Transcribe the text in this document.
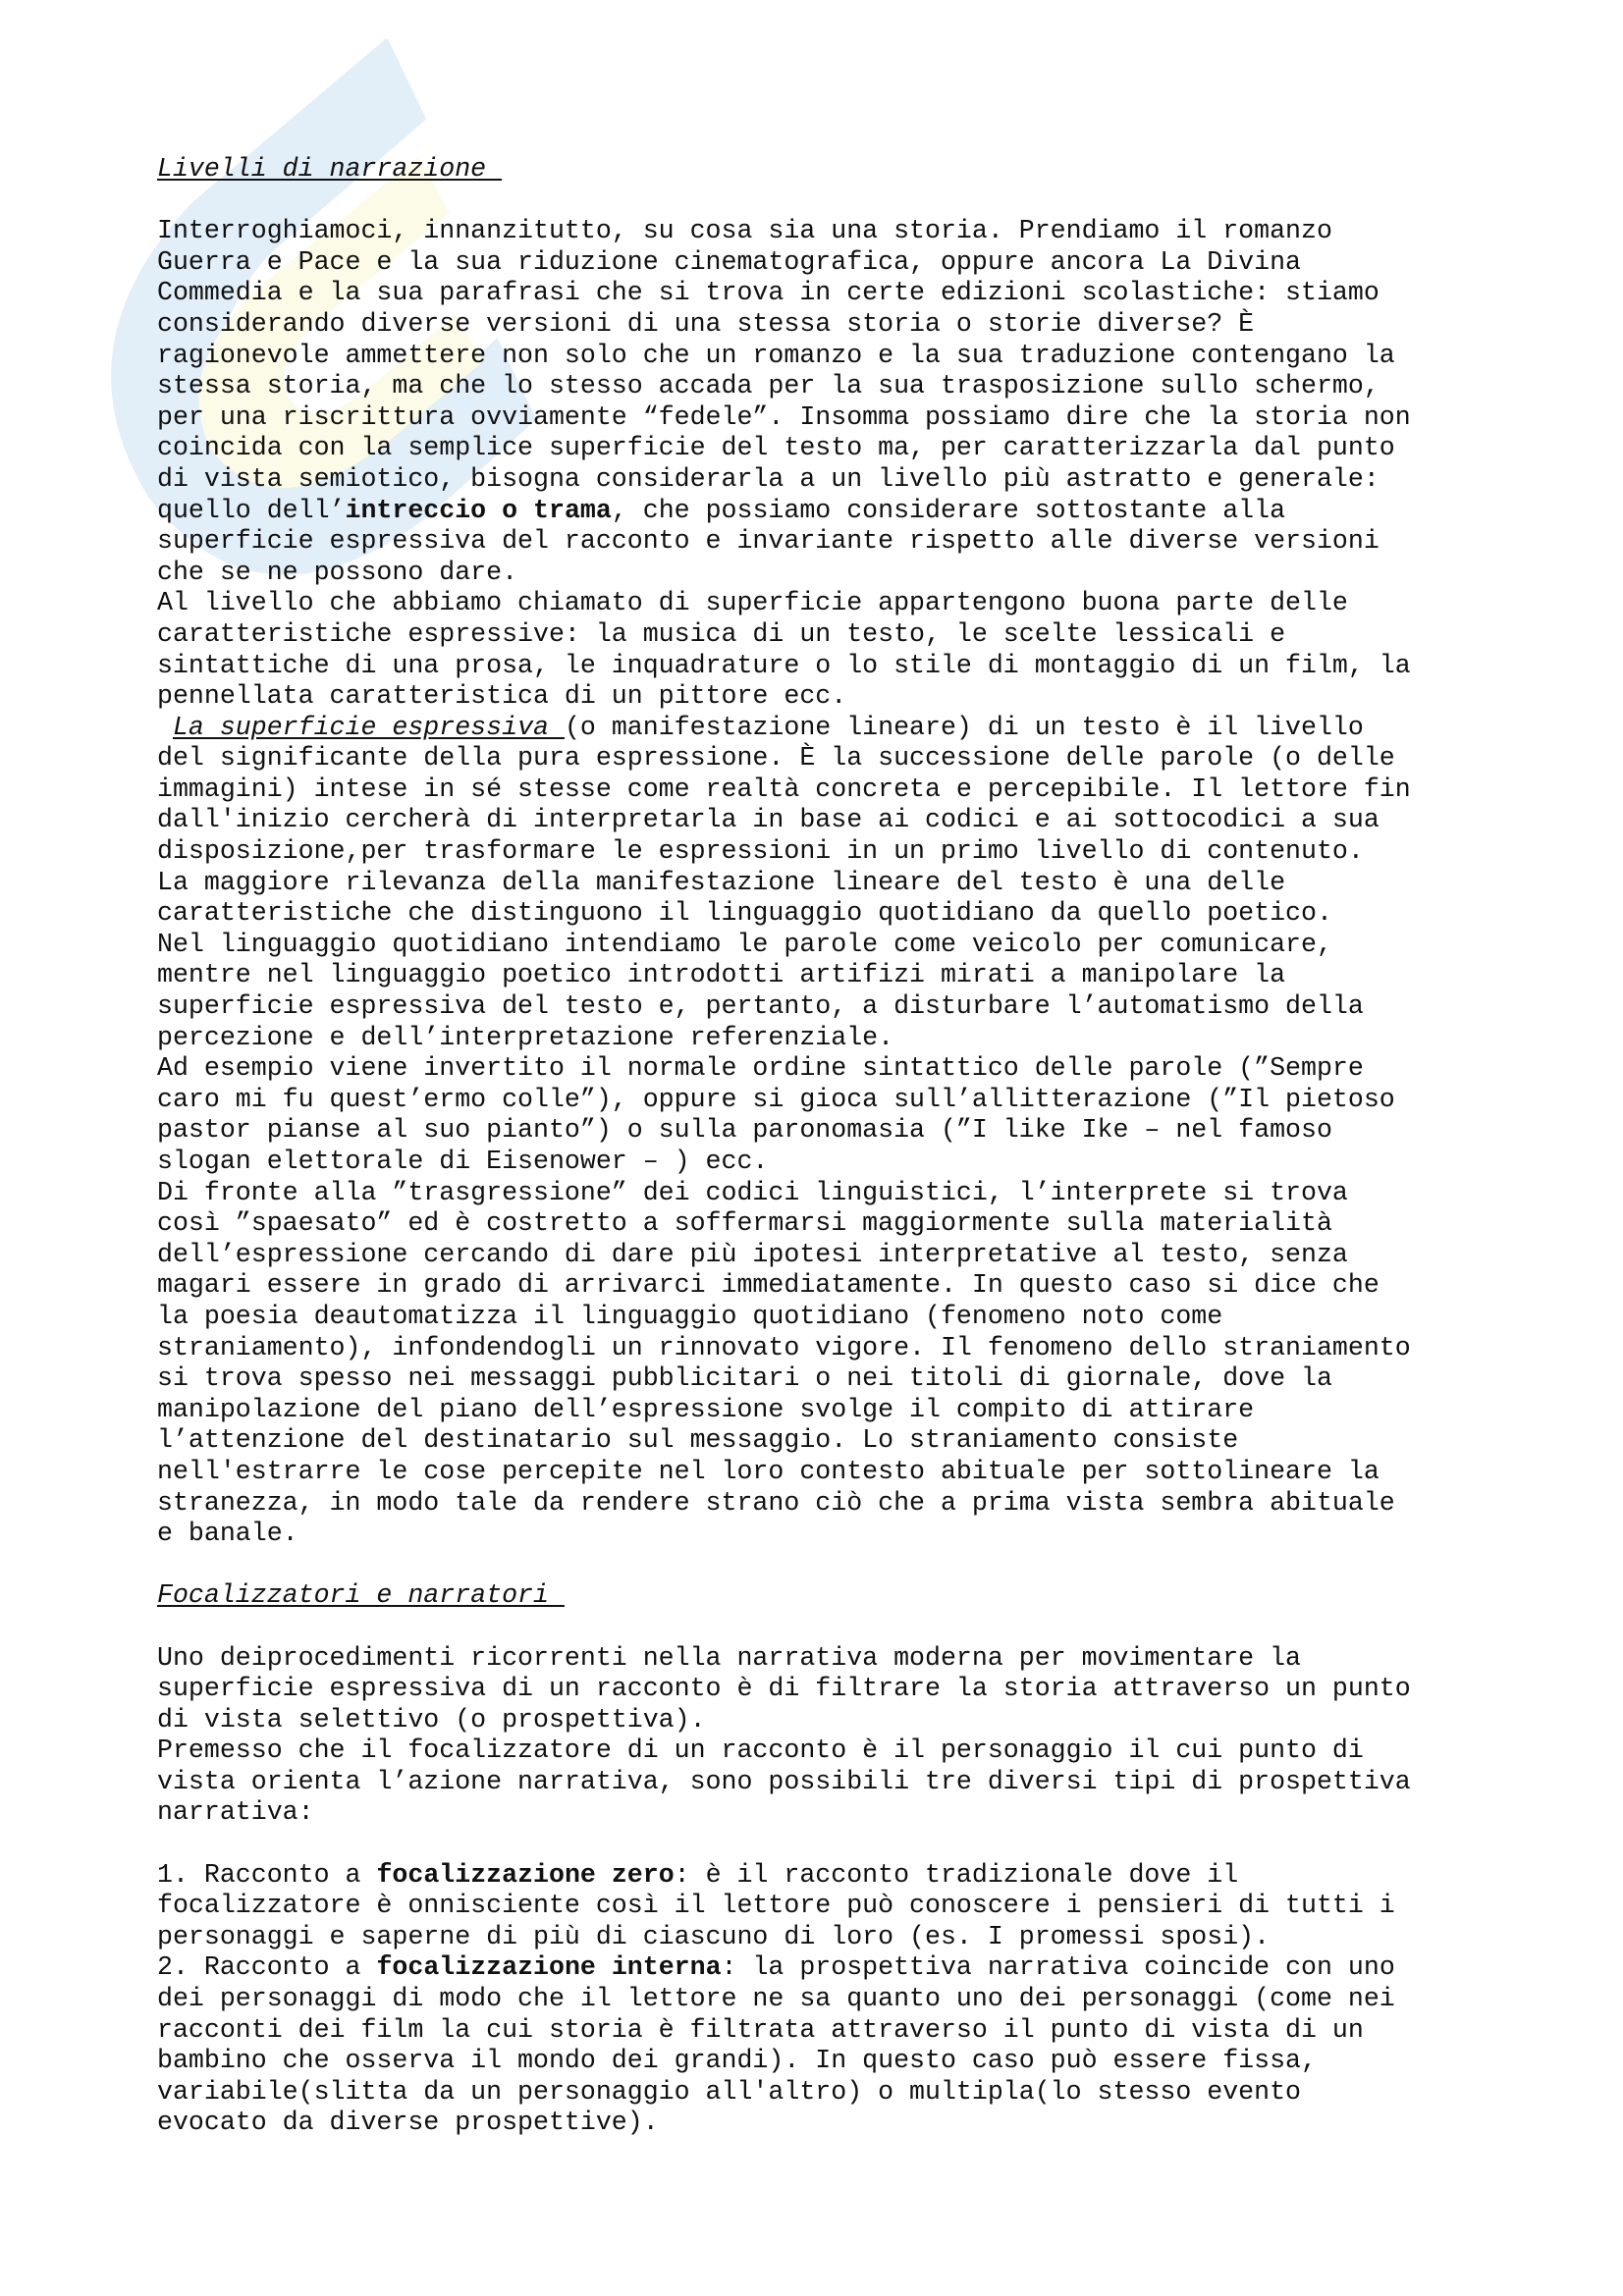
Livelli di narrazione

Interroghiamoci, innanzitutto, su cosa sia una storia. Prendiamo il romanzo

Guerra e Pace e la sua riduzione cinematografica, oppure ancora La Divina

Commedia e la sua parafrasi che si trova in certe edizioni scolastiche: stiamo

considerando diverse versioni di una stessa storia o storie diverse? È

ragionevole ammettere non solo che un romanzo e la sua traduzione contengano la

stessa storia, ma che lo stesso accada per la sua trasposizione sullo schermo,

per una riscrittura ovviamente “fedele”. Insomma possiamo dire che la storia non

coincida con la semplice superficie del testo ma, per caratterizzarla dal punto

di vista semiotico, bisogna considerarla a un livello più astratto e generale:

quello dell’intreccio o trama, che possiamo considerare sottostante alla

superficie espressiva del racconto e invariante rispetto alle diverse versioni

che se ne possono dare.

Al livello che abbiamo chiamato di superficie appartengono buona parte delle

caratteristiche espressive: la musica di un testo, le scelte lessicali e

sintattiche di una prosa, le inquadrature o lo stile di montaggio di un film, la

pennellata caratteristica di un pittore ecc.

La superficie espressiva (o manifestazione lineare) di un testo è il livello

del significante della pura espressione. È la successione delle parole (o delle

immagini) intese in sé stesse come realtà concreta e percepibile. Il lettore fin

dall'inizio cercherà di interpretarla in base ai codici e ai sottocodici a sua

disposizione,per trasformare le espressioni in un primo livello di contenuto.

La maggiore rilevanza della manifestazione lineare del testo è una delle

caratteristiche che distinguono il linguaggio quotidiano da quello poetico.

Nel linguaggio quotidiano intendiamo le parole come veicolo per comunicare,

mentre nel linguaggio poetico introdotti artifizi mirati a manipolare la

superficie espressiva del testo e, pertanto, a disturbare l’automatismo della

percezione e dell’interpretazione referenziale.

Ad esempio viene invertito il normale ordine sintattico delle parole (”Sempre

caro mi fu quest’ermo colle”), oppure si gioca sull’allitterazione (”Il pietoso

pastor pianse al suo pianto”) o sulla paronomasia (”I like Ike – nel famoso

slogan elettorale di Eisenower – ) ecc.

Di fronte alla ”trasgressione” dei codici linguistici, l’interprete si trova

così ”spaesato” ed è costretto a soffermarsi maggiormente sulla materialità

dell’espressione cercando di dare più ipotesi interpretative al testo, senza

magari essere in grado di arrivarci immediatamente. In questo caso si dice che

la poesia deautomatizza il linguaggio quotidiano (fenomeno noto come

straniamento), infondendogli un rinnovato vigore. Il fenomeno dello straniamento

si trova spesso nei messaggi pubblicitari o nei titoli di giornale, dove la

manipolazione del piano dell’espressione svolge il compito di attirare

l’attenzione del destinatario sul messaggio. Lo straniamento consiste

nell'estrarre le cose percepite nel loro contesto abituale per sottolineare la

stranezza, in modo tale da rendere strano ciò che a prima vista sembra abituale

e banale.

Focalizzatori e narratori

Uno deiprocedimenti ricorrenti nella narrativa moderna per movimentare la

superficie espressiva di un racconto è di filtrare la storia attraverso un punto

di vista selettivo (o prospettiva).

Premesso che il focalizzatore di un racconto è il personaggio il cui punto di

vista orienta l’azione narrativa, sono possibili tre diversi tipi di prospettiva

narrativa:

1. Racconto a focalizzazione zero: è il racconto tradizionale dove il

focalizzatore è onnisciente così il lettore può conoscere i pensieri di tutti i

personaggi e saperne di più di ciascuno di loro (es. I promessi sposi).

2. Racconto a focalizzazione interna: la prospettiva narrativa coincide con uno

dei personaggi di modo che il lettore ne sa quanto uno dei personaggi (come nei

racconti dei film la cui storia è filtrata attraverso il punto di vista di un

bambino che osserva il mondo dei grandi). In questo caso può essere fissa,

variabile(slitta da un personaggio all'altro) o multipla(lo stesso evento

evocato da diverse prospettive).
